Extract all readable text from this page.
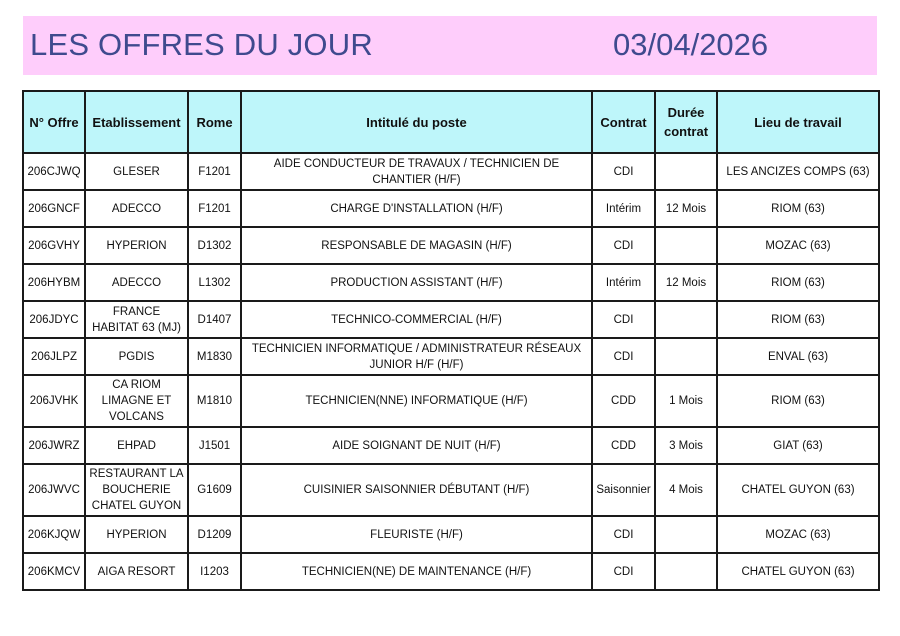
LES OFFRES DU JOUR	03/04/2026
N° Offre	Etablissement	Rome	Intitulé du poste	Contrat	Durée contrat	Lieu de travail
206CJWQ	GLESER	F1201	AIDE CONDUCTEUR DE TRAVAUX / TECHNICIEN DE CHANTIER (H/F)	CDI		LES ANCIZES COMPS (63)
206GNCF	ADECCO	F1201	CHARGE D'INSTALLATION (H/F)	Intérim	12 Mois	RIOM (63)
206GVHY	HYPERION	D1302	RESPONSABLE DE MAGASIN (H/F)	CDI		MOZAC (63)
206HYBM	ADECCO	L1302	PRODUCTION ASSISTANT (H/F)	Intérim	12 Mois	RIOM (63)
206JDYC	FRANCE HABITAT 63 (MJ)	D1407	TECHNICO-COMMERCIAL (H/F)	CDI		RIOM (63)
206JLPZ	PGDIS	M1830	TECHNICIEN INFORMATIQUE / ADMINISTRATEUR RÉSEAUX JUNIOR H/F (H/F)	CDI		ENVAL (63)
206JVHK	CA RIOM LIMAGNE ET VOLCANS	M1810	TECHNICIEN(NNE) INFORMATIQUE (H/F)	CDD	1 Mois	RIOM (63)
206JWRZ	EHPAD	J1501	AIDE SOIGNANT DE NUIT (H/F)	CDD	3 Mois	GIAT (63)
206JWVC	RESTAURANT LA BOUCHERIE CHATEL GUYON	G1609	CUISINIER SAISONNIER DÉBUTANT (H/F)	Saisonnier	4 Mois	CHATEL GUYON (63)
206KJQW	HYPERION	D1209	FLEURISTE (H/F)	CDI		MOZAC (63)
206KMCV	AIGA RESORT	I1203	TECHNICIEN(NE) DE MAINTENANCE (H/F)	CDI		CHATEL GUYON (63)
